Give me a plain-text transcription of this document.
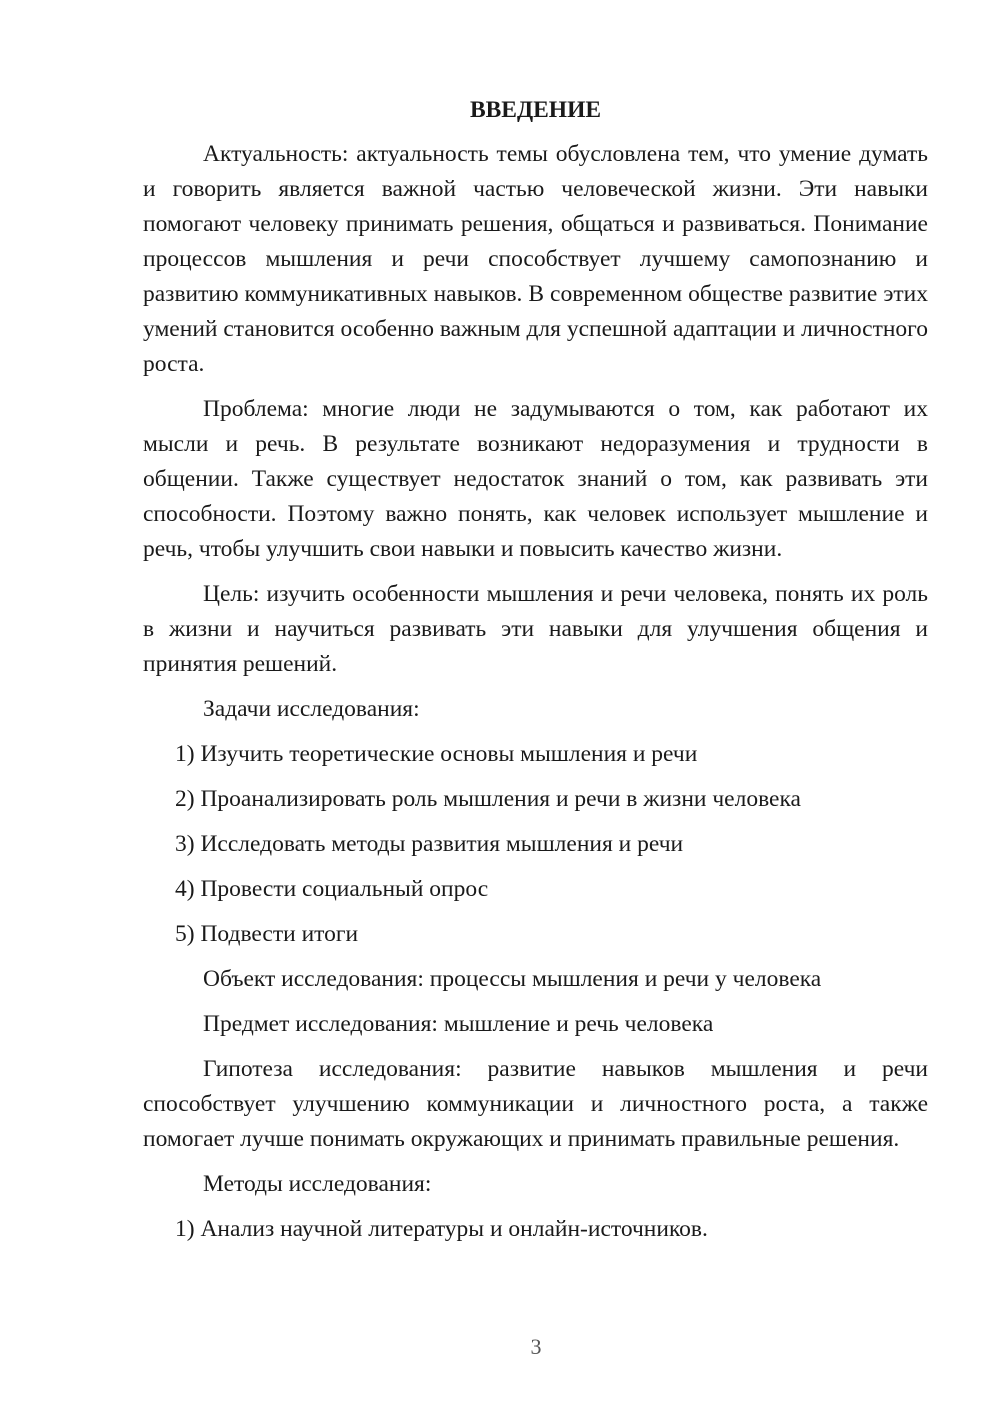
ВВЕДЕНИЕ

Актуальность: актуальность темы обусловлена тем, что умение думать и говорить является важной частью человеческой жизни. Эти навыки помогают человеку принимать решения, общаться и развиваться. Понимание процессов мышления и речи способствует лучшему самопознанию и развитию коммуникативных навыков. В современном обществе развитие этих умений становится особенно важным для успешной адаптации и личностного роста.

Проблема: многие люди не задумываются о том, как работают их мысли и речь. В результате возникают недоразумения и трудности в общении. Также существует недостаток знаний о том, как развивать эти способности. Поэтому важно понять, как человек использует мышление и речь, чтобы улучшить свои навыки и повысить качество жизни.

Цель: изучить особенности мышления и речи человека, понять их роль в жизни и научиться развивать эти навыки для улучшения общения и принятия решений.

Задачи исследования:

1) Изучить теоретические основы мышления и речи
2) Проанализировать роль мышления и речи в жизни человека
3) Исследовать методы развития мышления и речи
4) Провести социальный опрос
5) Подвести итоги

Объект исследования: процессы мышления и речи у человека

Предмет исследования: мышление и речь человека

Гипотеза исследования: развитие навыков мышления и речи способствует улучшению коммуникации и личностного роста, а также помогает лучше понимать окружающих и принимать правильные решения.

Методы исследования:

1) Анализ научной литературы и онлайн-источников.
3
